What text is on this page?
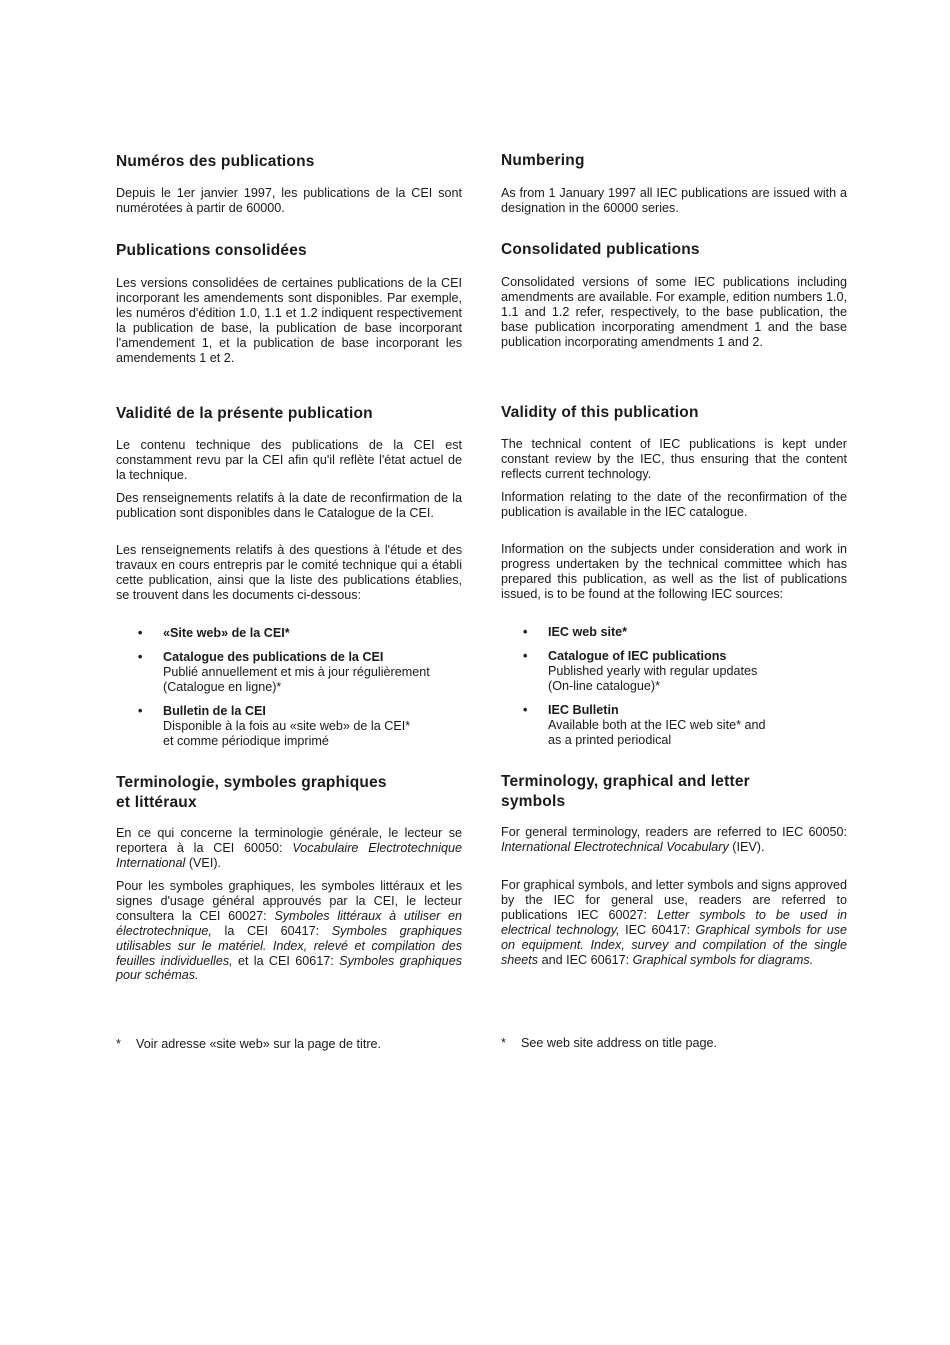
Numéros des publications

Depuis le 1er janvier 1997, les publications de la CEI sont numérotées à partir de 60000.

Publications consolidées

Les versions consolidées de certaines publications de la CEI incorporant les amendements sont disponibles. Par exemple, les numéros d'édition 1.0, 1.1 et 1.2 indiquent respectivement la publication de base, la publication de base incorporant l'amendement 1, et la publication de base incorporant les amendements 1 et 2.

Validité de la présente publication

Le contenu technique des publications de la CEI est constamment revu par la CEI afin qu'il reflète l'état actuel de la technique.

Des renseignements relatifs à la date de reconfirmation de la publication sont disponibles dans le Catalogue de la CEI.

Les renseignements relatifs à des questions à l'étude et des travaux en cours entrepris par le comité technique qui a établi cette publication, ainsi que la liste des publications établies, se trouvent dans les documents ci-dessous:

• «Site web» de la CEI*
• Catalogue des publications de la CEI
Publié annuellement et mis à jour régulièrement
(Catalogue en ligne)*
• Bulletin de la CEI
Disponible à la fois au «site web» de la CEI*
et comme périodique imprimé
Terminologie, symboles graphiques
et littéraux

En ce qui concerne la terminologie générale, le lecteur se reportera à la CEI 60050: Vocabulaire Electrotechnique International (VEI).

Pour les symboles graphiques, les symboles littéraux et les signes d'usage général approuvés par la CEI, le lecteur consultera la CEI 60027: Symboles littéraux à utiliser en électrotechnique, la CEI 60417: Symboles graphiques utilisables sur le matériel. Index, relevé et compilation des feuilles individuelles, et la CEI 60617: Symboles graphiques pour schémas.

* Voir adresse «site web» sur la page de titre.
Numbering

As from 1 January 1997 all IEC publications are issued with a designation in the 60000 series.

Consolidated publications

Consolidated versions of some IEC publications including amendments are available. For example, edition numbers 1.0, 1.1 and 1.2 refer, respectively, to the base publication, the base publication incorporating amendment 1 and the base publication incorporating amendments 1 and 2.

Validity of this publication

The technical content of IEC publications is kept under constant review by the IEC, thus ensuring that the content reflects current technology.

Information relating to the date of the reconfirmation of the publication is available in the IEC catalogue.

Information on the subjects under consideration and work in progress undertaken by the technical committee which has prepared this publication, as well as the list of publications issued, is to be found at the following IEC sources:

• IEC web site*
• Catalogue of IEC publications
Published yearly with regular updates
(On-line catalogue)*
• IEC Bulletin
Available both at the IEC web site* and
as a printed periodical
Terminology, graphical and letter
symbols

For general terminology, readers are referred to IEC 60050: International Electrotechnical Vocabulary (IEV).

For graphical symbols, and letter symbols and signs approved by the IEC for general use, readers are referred to publications IEC 60027: Letter symbols to be used in electrical technology, IEC 60417: Graphical symbols for use on equipment. Index, survey and compilation of the single sheets and IEC 60617: Graphical symbols for diagrams.

* See web site address on title page.
